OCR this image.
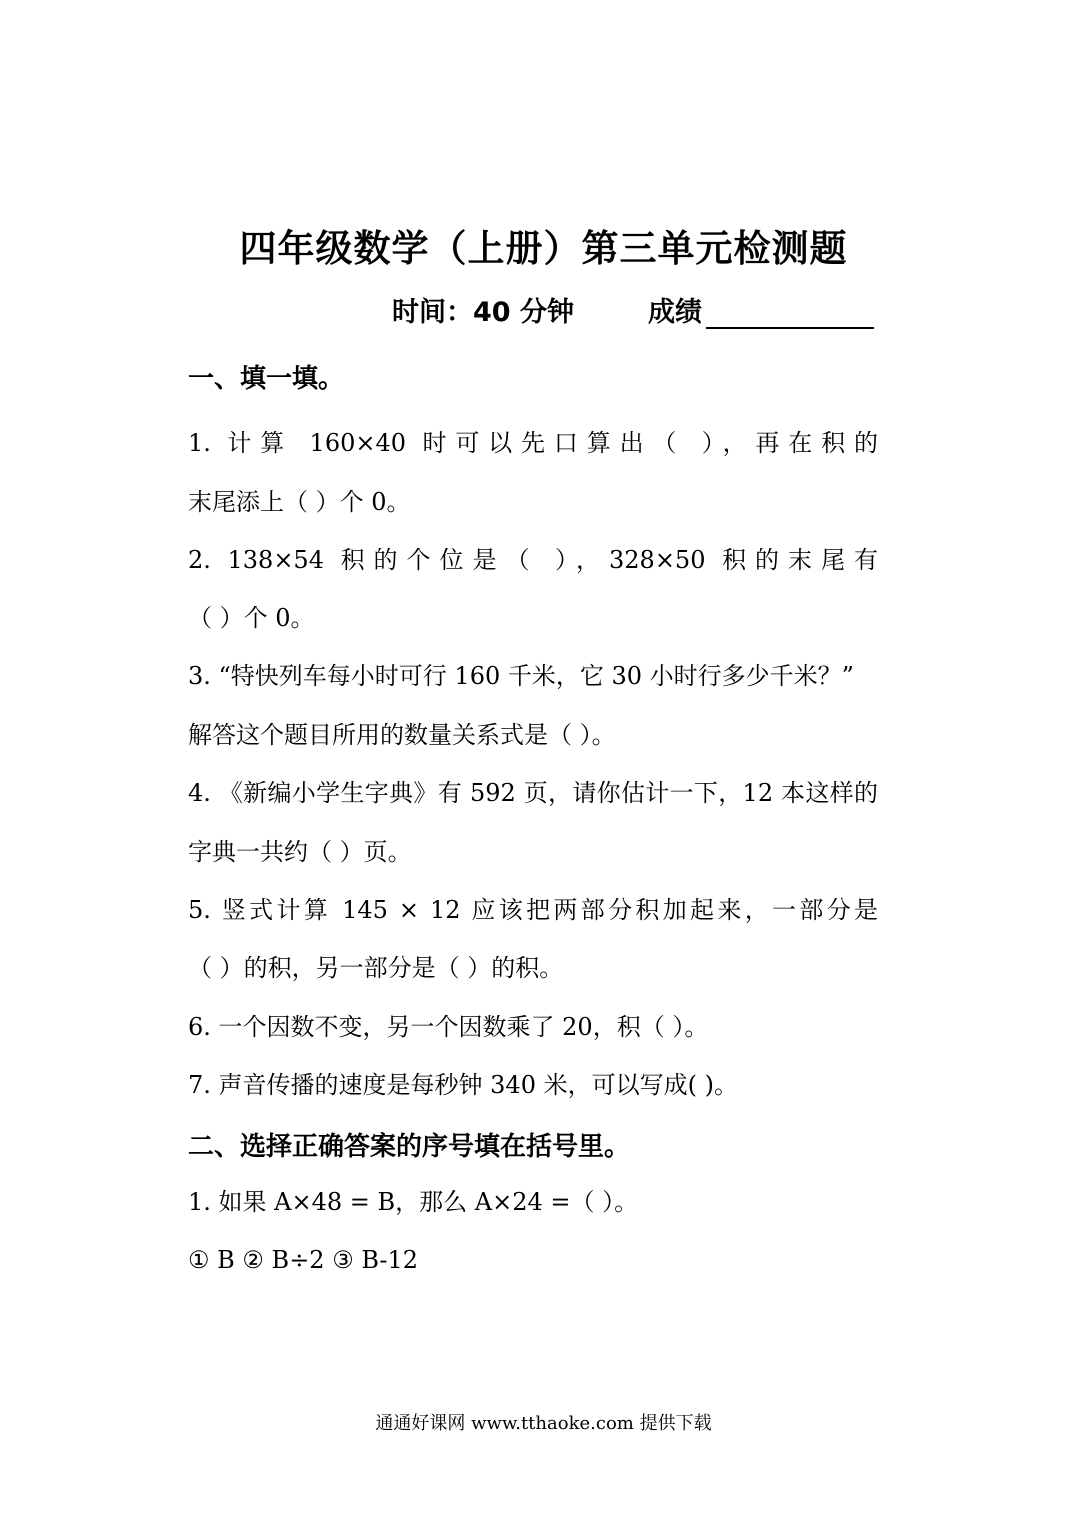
四年级数学（上册）第三单元检测题
时间：40 分钟	成绩
一、填一填。
1. 计算 160×40 时可以先口算出（ ），再在积的
末尾添上（ ）个 0。
2. 138×54 积的个位是（ ），328×50 积的末尾有
（ ）个 0。
3. “特快列车每小时可行 160 千米，它 30 小时行多少千米？”
解答这个题目所用的数量关系式是（ ）。
4. 《新编小学生字典》有 592 页，请你估计一下，12 本这样的
字典一共约（ ）页。
5. 竖式计算 145 × 12 应该把两部分积加起来，一部分是
（ ）的积，另一部分是（ ）的积。
6. 一个因数不变，另一个因数乘了 20，积（ ）。
7. 声音传播的速度是每秒钟 340 米，可以写成( )。
二、选择正确答案的序号填在括号里。
1. 如果 A×48 = B，那么 A×24 =（ ）。
① B ② B÷2 ③ B-12
通通好课网 www.tthaoke.com 提供下载
